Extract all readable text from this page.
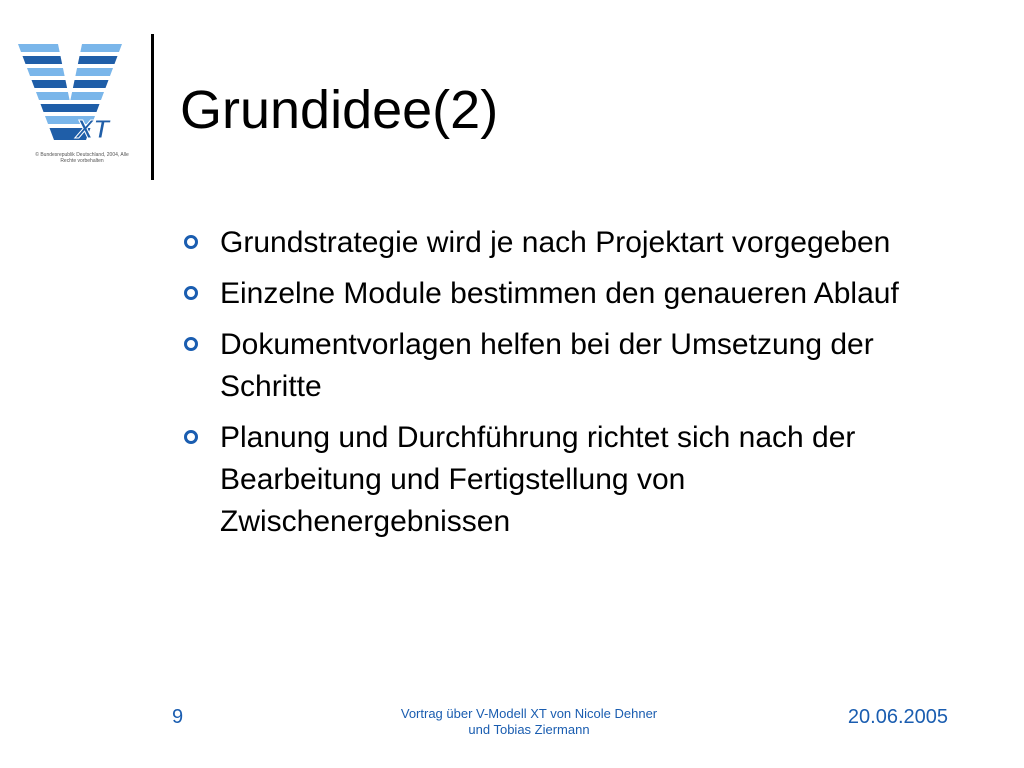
XT
© Bundesrepublik Deutschland, 2004, Alle Rechte vorbehalten
Grundidee(2)
Grundstrategie wird je nach Projektart vorgegeben
Einzelne Module bestimmen den genaueren Ablauf
Dokumentvorlagen helfen bei der Umsetzung der Schritte
Planung und Durchführung richtet sich nach der Bearbeitung und Fertigstellung von Zwischenergebnissen
9	Vortrag über V-Modell XT von Nicole Dehner
und Tobias Ziermann
20.06.2005
